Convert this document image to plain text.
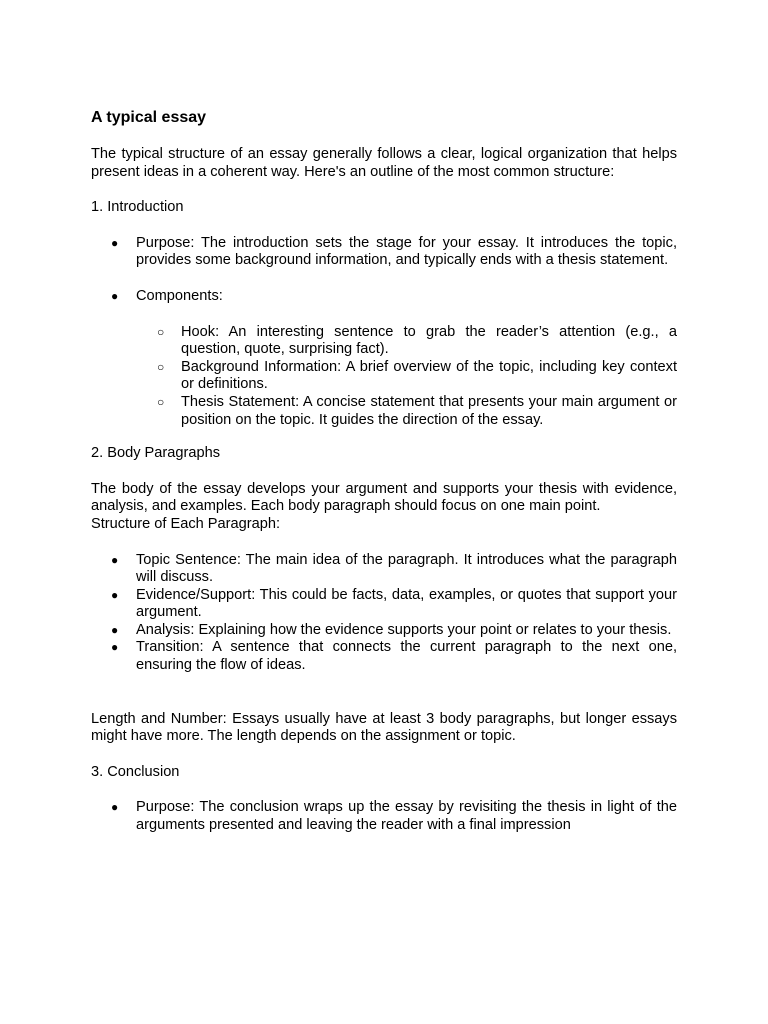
A typical essay

The typical structure of an essay generally follows a clear, logical organization that helps present ideas in a coherent way. Here's an outline of the most common structure:

1. Introduction

● Purpose: The introduction sets the stage for your essay. It introduces the topic, provides some background information, and typically ends with a thesis statement.
● Components:
○ Hook: An interesting sentence to grab the reader’s attention (e.g., a question, quote, surprising fact).
○ Background Information: A brief overview of the topic, including key context or definitions.
○ Thesis Statement: A concise statement that presents your main argument or position on the topic. It guides the direction of the essay.

2. Body Paragraphs

The body of the essay develops your argument and supports your thesis with evidence, analysis, and examples. Each body paragraph should focus on one main point.

Structure of Each Paragraph:

● Topic Sentence: The main idea of the paragraph. It introduces what the paragraph will discuss.
● Evidence/Support: This could be facts, data, examples, or quotes that support your argument.
● Analysis: Explaining how the evidence supports your point or relates to your thesis.
● Transition: A sentence that connects the current paragraph to the next one, ensuring the flow of ideas.

Length and Number: Essays usually have at least 3 body paragraphs, but longer essays might have more. The length depends on the assignment or topic.

3. Conclusion

● Purpose: The conclusion wraps up the essay by revisiting the thesis in light of the arguments presented and leaving the reader with a final impression
